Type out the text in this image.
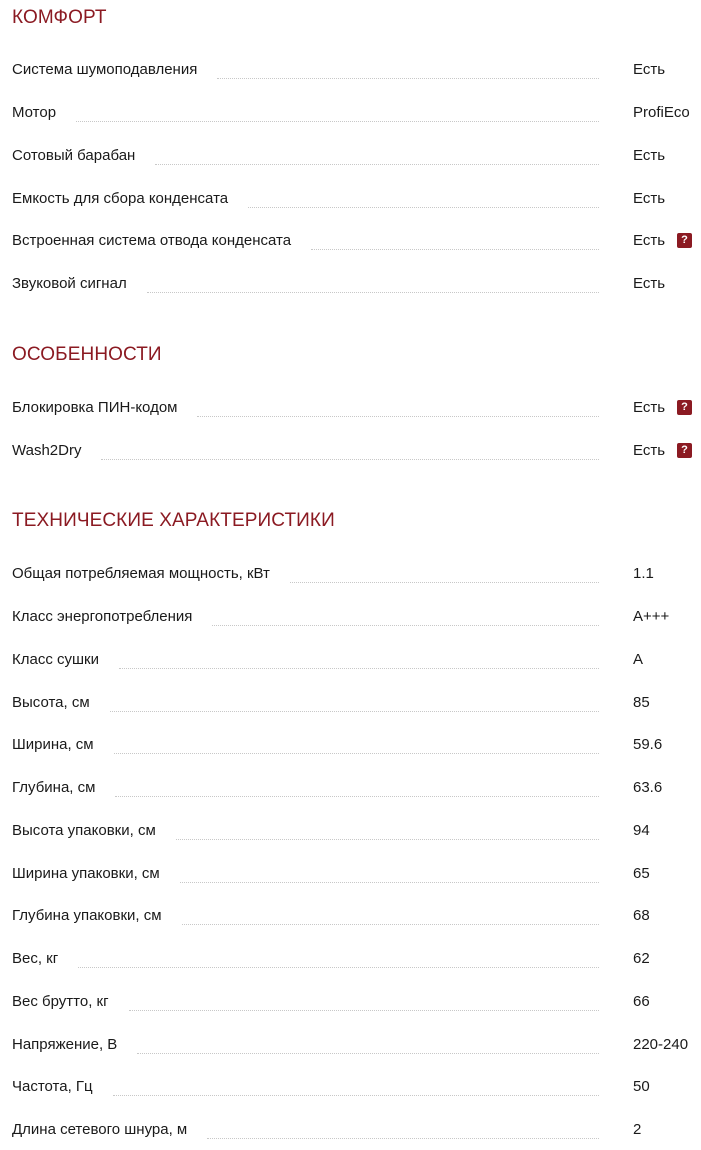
КОМФОРТ
Система шумоподавления	Есть
Мотор	ProfiEco
Сотовый барабан	Есть
Емкость для сбора конденсата	Есть
Встроенная система отвода конденсата	Есть	?
Звуковой сигнал	Есть
ОСОБЕННОСТИ
Блокировка ПИН-кодом	Есть	?
Wash2Dry	Есть	?
ТЕХНИЧЕСКИЕ ХАРАКТЕРИСТИКИ
Общая потребляемая мощность, кВт	1.1
Класс энергопотребления	A+++
Класс сушки	A
Высота, см	85
Ширина, см	59.6
Глубина, см	63.6
Высота упаковки, см	94
Ширина упаковки, см	65
Глубина упаковки, см	68
Вес, кг	62
Вес брутто, кг	66
Напряжение, В	220-240
Частота, Гц	50
Длина сетевого шнура, м	2
